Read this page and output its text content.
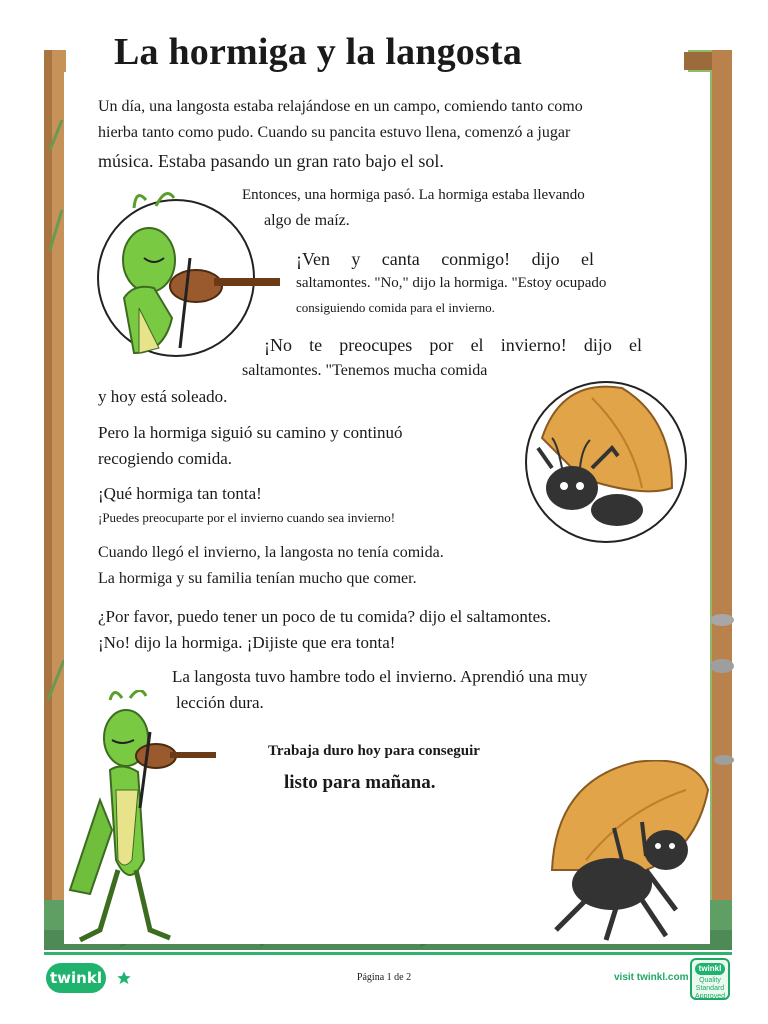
La hormiga y la langosta

Un día, una langosta estaba relajándose en un campo, comiendo tanto como

hierba tanto como pudo. Cuando su pancita estuvo llena, comenzó a jugar

música. Estaba pasando un gran rato bajo el sol.

Entonces, una hormiga pasó. La hormiga estaba llevando

algo de maíz.

¡Ven y canta conmigo! dijo el

saltamontes. "No," dijo la hormiga. "Estoy ocupado

consiguiendo comida para el invierno.

¡No te preocupes por el invierno! dijo el

saltamontes. "Tenemos mucha comida

y hoy está soleado.

Pero la hormiga siguió su camino y continuó

recogiendo comida.

¡Qué hormiga tan tonta!

¡Puedes preocuparte por el invierno cuando sea invierno!

Cuando llegó el invierno, la langosta no tenía comida.

La hormiga y su familia tenían mucho que comer.

¿Por favor, puedo tener un poco de tu comida? dijo el saltamontes.

¡No! dijo la hormiga. ¡Dijiste que era tonta!

La langosta tuvo hambre todo el invierno. Aprendió una muy

lección dura.

Trabaja duro hoy para conseguir

listo para mañana.

twinkl	Página 1 de 2	visit twinkl.com
twinkl
Quality Standard Approved
